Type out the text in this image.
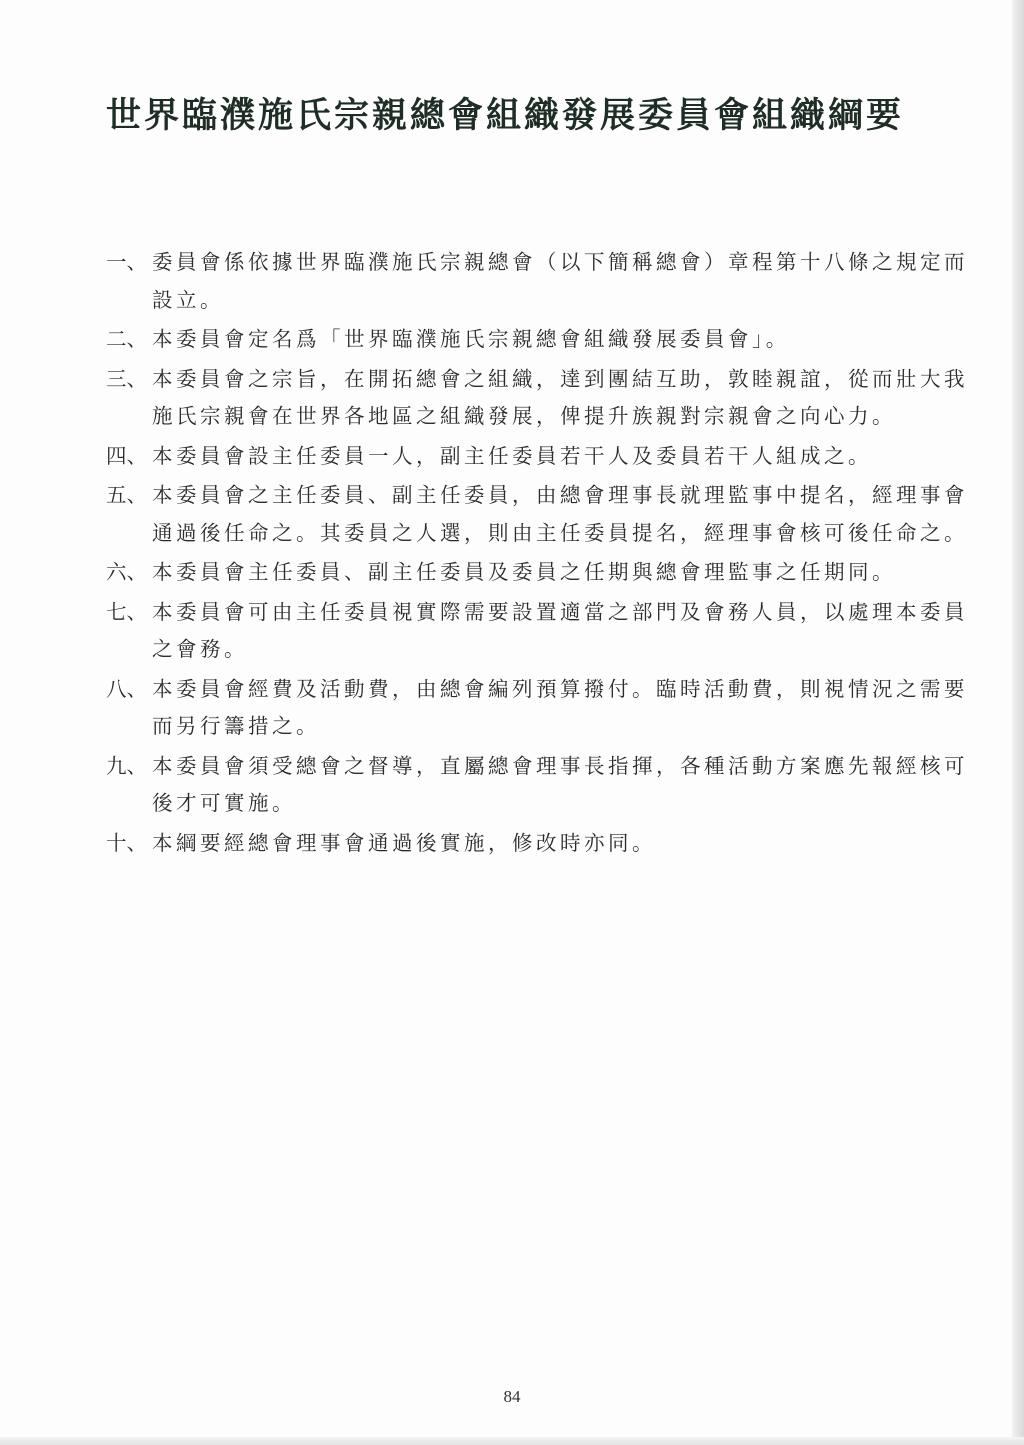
世界臨濮施氏宗親總會組織發展委員會組織綱要
一、 委員會係依據世界臨濮施氏宗親總會（以下簡稱總會）章程第十八條之規定而設立。
二、 本委員會定名爲「世界臨濮施氏宗親總會組織發展委員會」。
三、 本委員會之宗旨，在開拓總會之組織，達到團結互助，敦睦親誼，從而壯大我施氏宗親會在世界各地區之組織發展，俾提升族親對宗親會之向心力。
四、 本委員會設主任委員一人，副主任委員若干人及委員若干人組成之。
五、 本委員會之主任委員、副主任委員，由總會理事長就理監事中提名，經理事會通過後任命之。其委員之人選，則由主任委員提名，經理事會核可後任命之。
六、 本委員會主任委員、副主任委員及委員之任期與總會理監事之任期同。
七、 本委員會可由主任委員視實際需要設置適當之部門及會務人員，以處理本委員之會務。
八、 本委員會經費及活動費，由總會編列預算撥付。臨時活動費，則視情況之需要而另行籌措之。
九、 本委員會須受總會之督導，直屬總會理事長指揮，各種活動方案應先報經核可後才可實施。
十、 本綱要經總會理事會通過後實施，修改時亦同。

84
